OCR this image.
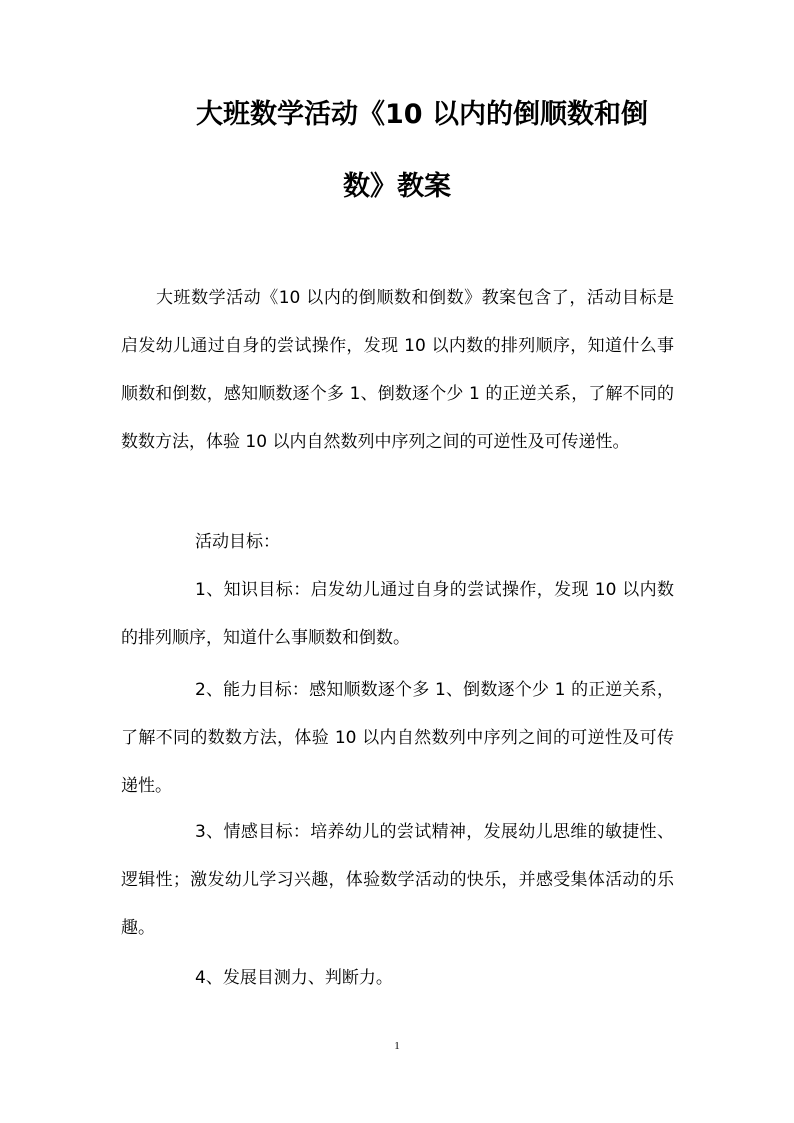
大班数学活动《10 以内的倒顺数和倒
数》教案

大班数学活动《10 以内的倒顺数和倒数》教案包含了，活动目标是启发幼儿通过自身的尝试操作，发现 10 以内数的排列顺序，知道什么事顺数和倒数，感知顺数逐个多 1、倒数逐个少 1 的正逆关系，了解不同的数数方法，体验 10 以内自然数列中序列之间的可逆性及可传递性。

活动目标：

1、知识目标：启发幼儿通过自身的尝试操作，发现 10 以内数的排列顺序，知道什么事顺数和倒数。

2、能力目标：感知顺数逐个多 1、倒数逐个少 1 的正逆关系，了解不同的数数方法，体验 10 以内自然数列中序列之间的可逆性及可传递性。

3、情感目标：培养幼儿的尝试精神，发展幼儿思维的敏捷性、逻辑性；激发幼儿学习兴趣，体验数学活动的快乐，并感受集体活动的乐趣。

4、发展目测力、判断力。

1
